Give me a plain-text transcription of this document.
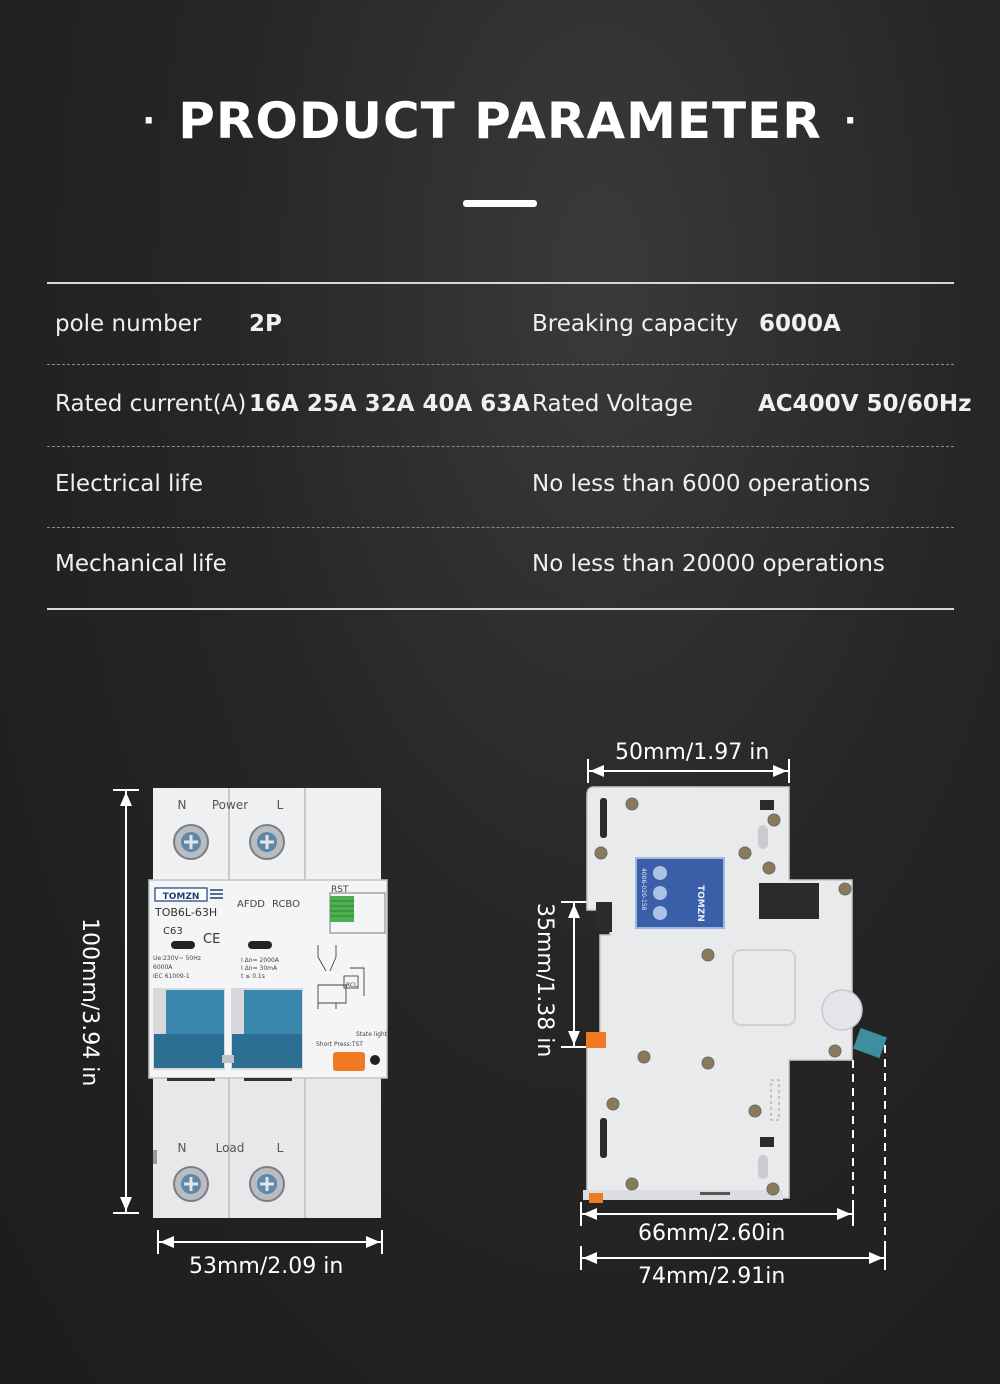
· PRODUCT PARAMETER ·
pole number 2P	Breaking capacity 6000A
Rated current(A) 16A 25A 32A 40A 63A Rated Voltage	AC400V 50/60Hz
Electrical life	No less than 6000 operations
Mechanical life	No less than 20000 operations
N Power L
N Load	L
TOMZN
TOB6L-63H
C63
CE
AFDD RCBO
RST
Ue:230V~ 50Hz
6000A
IEC 61009-1
I Δn= 2000A
I Δn= 30mA
t ≤ 0.1s
RCL
State light
Short Press:TST
TOMZN
4006-020-158
50mm/1.97 in
53mm/2.09 in
66mm/2.60in
74mm/2.91in
100mm/3.94 in	35mm/1.38 in
